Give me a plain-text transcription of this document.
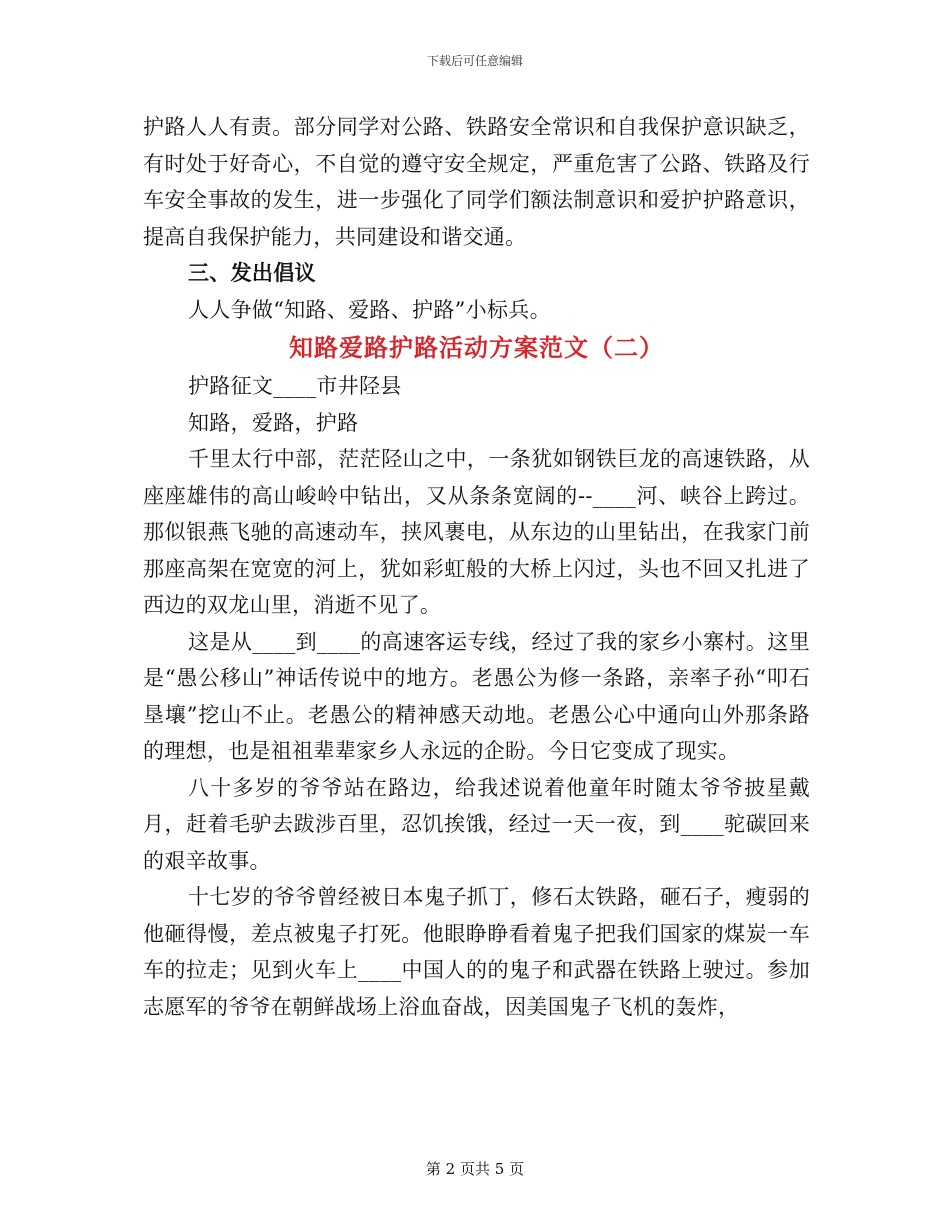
下载后可任意编辑

护路人人有责。部分同学对公路、铁路安全常识和自我保护意识缺乏，有时处于好奇心，不自觉的遵守安全规定，严重危害了公路、铁路及行车安全事故的发生，进一步强化了同学们额法制意识和爱护护路意识，提高自我保护能力，共同建设和谐交通。

三、发出倡议

人人争做“知路、爱路、护路”小标兵。

知路爱路护路活动方案范文（二）

护路征文____市井陉县

知路，爱路，护路

千里太行中部，茫茫陉山之中，一条犹如钢铁巨龙的高速铁路，从座座雄伟的高山峻岭中钻出，又从条条宽阔的--____河、峡谷上跨过。那似银燕飞驰的高速动车，挟风裹电，从东边的山里钻出，在我家门前那座高架在宽宽的河上，犹如彩虹般的大桥上闪过，头也不回又扎进了西边的双龙山里，消逝不见了。

这是从____到____的高速客运专线，经过了我的家乡小寨村。这里是“愚公移山”神话传说中的地方。老愚公为修一条路，亲率子孙“叩石垦壤”挖山不止。老愚公的精神感天动地。老愚公心中通向山外那条路的理想，也是祖祖辈辈家乡人永远的企盼。今日它变成了现实。

八十多岁的爷爷站在路边，给我述说着他童年时随太爷爷披星戴月，赶着毛驴去跋涉百里，忍饥挨饿，经过一天一夜，到____驼碳回来的艰辛故事。

十七岁的爷爷曾经被日本鬼子抓丁，修石太铁路，砸石子，瘦弱的他砸得慢，差点被鬼子打死。他眼睁睁看着鬼子把我们国家的煤炭一车车的拉走；见到火车上____中国人的的鬼子和武器在铁路上驶过。参加志愿军的爷爷在朝鲜战场上浴血奋战，因美国鬼子飞机的轰炸，

第 2 页共 5 页
